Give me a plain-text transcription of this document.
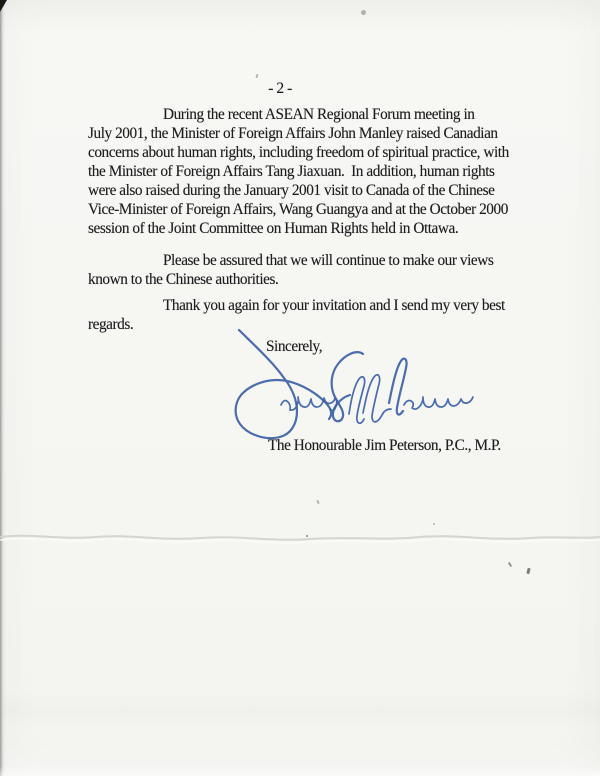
- 2 -
During the recent ASEAN Regional Forum meeting in
July 2001, the Minister of Foreign Affairs John Manley raised Canadian
concerns about human rights, including freedom of spiritual practice, with
the Minister of Foreign Affairs Tang Jiaxuan.  In addition, human rights
were also raised during the January 2001 visit to Canada of the Chinese
Vice-Minister of Foreign Affairs, Wang Guangya and at the October 2000
session of the Joint Committee on Human Rights held in Ottawa.
Please be assured that we will continue to make our views
known to the Chinese authorities.
Thank you again for your invitation and I send my very best
regards.
Sincerely,
The Honourable Jim Peterson, P.C., M.P.
